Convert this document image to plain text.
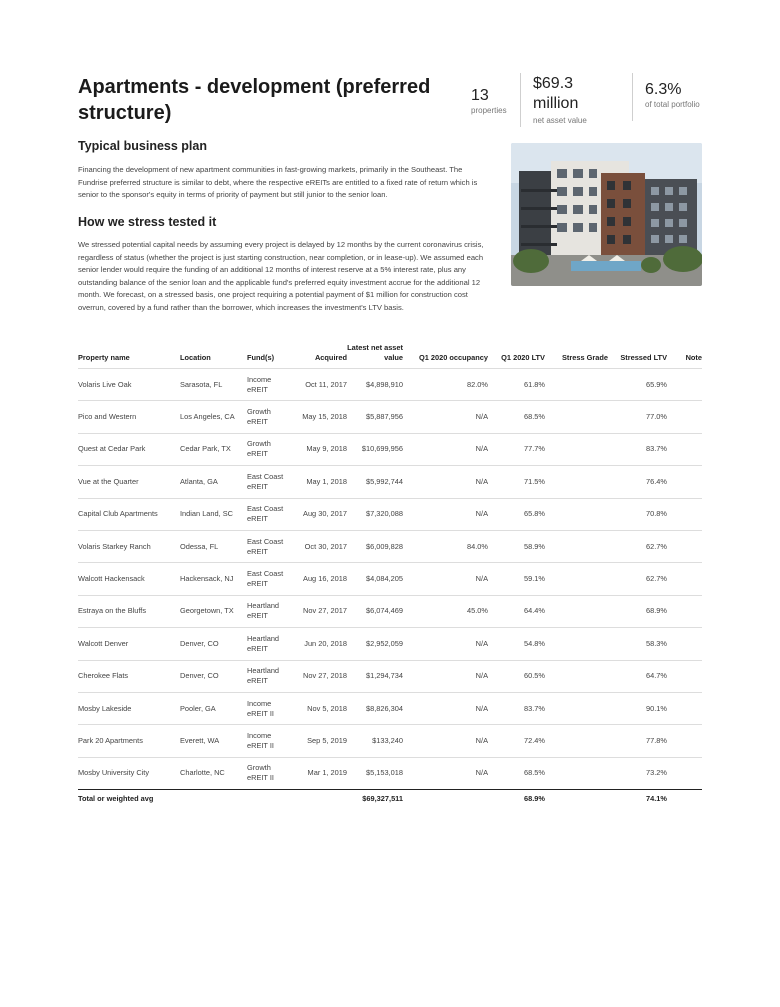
Apartments - development (preferred structure)
13
properties
$69.3 million
net asset value
6.3%
of total portfolio
Typical business plan

Financing the development of new apartment communities in fast-growing markets, primarily in the Southeast. The Fundrise preferred structure is similar to debt, where the respective eREITs are entitled to a fixed rate of return which is senior to the sponsor's equity in terms of priority of payment but still junior to the senior loan.

How we stress tested it

We stressed potential capital needs by assuming every project is delayed by 12 months by the current coronavirus crisis, regardless of status (whether the project is just starting construction, near completion, or in lease-up). We assumed each senior lender would require the funding of an additional 12 months of interest reserve at a 5% interest rate, plus any outstanding balance of the senior loan and the applicable fund's preferred equity investment accrue for the additional 12 month. We forecast, on a stressed basis, one project requiring a potential payment of $1 million for construction cost overrun, covered by a fund rather than the borrower, which increases the investment's LTV basis.

Property name	Location	Fund(s)	Acquired	Latest net asset value	Q1 2020 occupancy	Q1 2020 LTV	Stress Grade	Stressed LTV	Note
Volaris Live Oak	Sarasota, FL	Income eREIT	Oct 11, 2017	$4,898,910	82.0%	61.8%		65.9%	
Pico and Western	Los Angeles, CA	Growth eREIT	May 15, 2018	$5,887,956	N/A	68.5%		77.0%	
Quest at Cedar Park	Cedar Park, TX	Growth eREIT	May 9, 2018	$10,699,956	N/A	77.7%		83.7%	
Vue at the Quarter	Atlanta, GA	East Coast eREIT	May 1, 2018	$5,992,744	N/A	71.5%		76.4%	
Capital Club Apartments	Indian Land, SC	East Coast eREIT	Aug 30, 2017	$7,320,088	N/A	65.8%		70.8%	
Volaris Starkey Ranch	Odessa, FL	East Coast eREIT	Oct 30, 2017	$6,009,828	84.0%	58.9%		62.7%	
Walcott Hackensack	Hackensack, NJ	East Coast eREIT	Aug 16, 2018	$4,084,205	N/A	59.1%		62.7%	
Estraya on the Bluffs	Georgetown, TX	Heartland eREIT	Nov 27, 2017	$6,074,469	45.0%	64.4%		68.9%	
Walcott Denver	Denver, CO	Heartland eREIT	Jun 20, 2018	$2,952,059	N/A	54.8%		58.3%	
Cherokee Flats	Denver, CO	Heartland eREIT	Nov 27, 2018	$1,294,734	N/A	60.5%		64.7%	
Mosby Lakeside	Pooler, GA	Income eREIT II	Nov 5, 2018	$8,826,304	N/A	83.7%		90.1%	
Park 20 Apartments	Everett, WA	Income eREIT II	Sep 5, 2019	$133,240	N/A	72.4%		77.8%	
Mosby University City	Charlotte, NC	Growth eREIT II	Mar 1, 2019	$5,153,018	N/A	68.5%		73.2%	
Total or weighted avg				$69,327,511		68.9%		74.1%	
